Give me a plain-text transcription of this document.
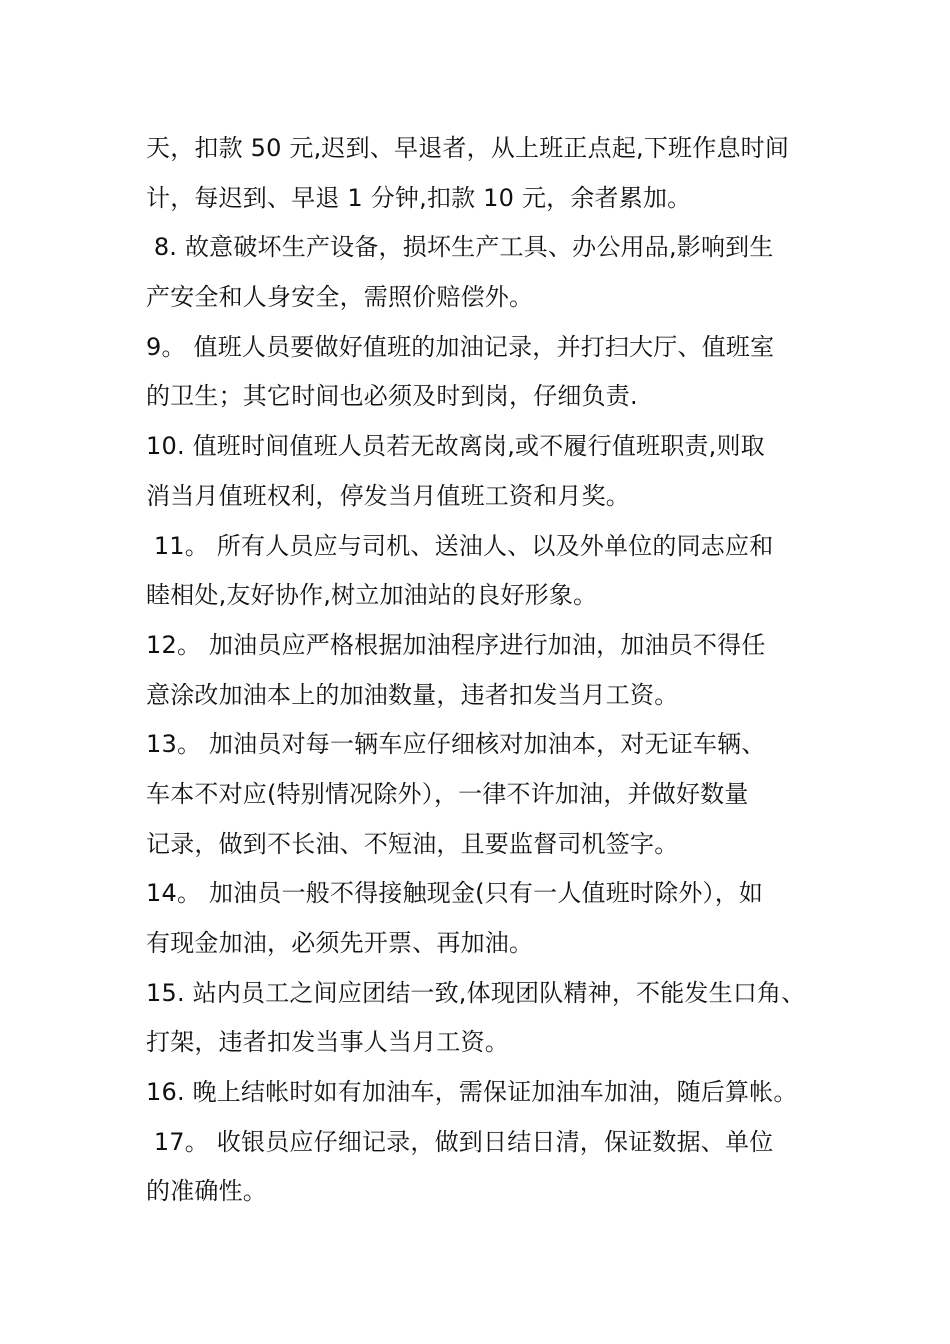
天，扣款 50 元,迟到、早退者，从上班正点起,下班作息时间
计，每迟到、早退 1 分钟,扣款 10 元，余者累加。
8. 故意破坏生产设备，损坏生产工具、办公用品,影响到生
产安全和人身安全，需照价赔偿外。
9。 值班人员要做好值班的加油记录，并打扫大厅、值班室
的卫生；其它时间也必须及时到岗，仔细负责.
10. 值班时间值班人员若无故离岗,或不履行值班职责,则取
消当月值班权利，停发当月值班工资和月奖。
11。 所有人员应与司机、送油人、以及外单位的同志应和
睦相处,友好协作,树立加油站的良好形象。
12。 加油员应严格根据加油程序进行加油，加油员不得任
意涂改加油本上的加油数量，违者扣发当月工资。
13。 加油员对每一辆车应仔细核对加油本，对无证车辆、
车本不对应(特别情况除外），一律不许加油，并做好数量
记录，做到不长油、不短油，且要监督司机签字。
14。 加油员一般不得接触现金(只有一人值班时除外），如
有现金加油，必须先开票、再加油。
15. 站内员工之间应团结一致,体现团队精神，不能发生口角、
打架，违者扣发当事人当月工资。
16. 晚上结帐时如有加油车，需保证加油车加油，随后算帐。
17。 收银员应仔细记录，做到日结日清，保证数据、单位
的准确性。
